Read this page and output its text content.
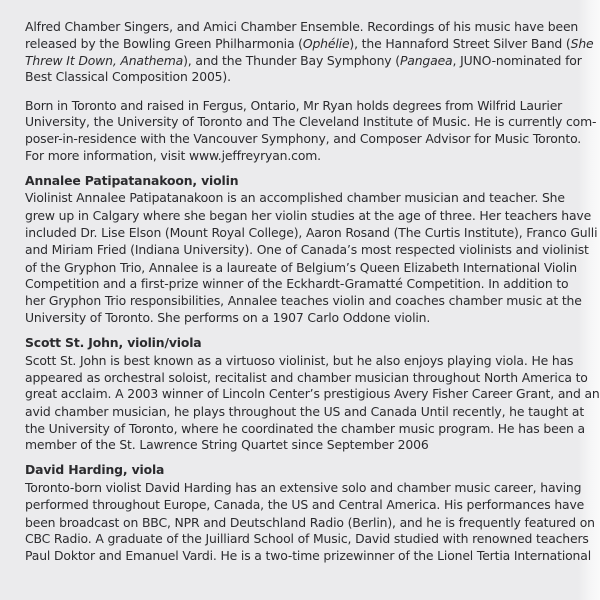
Alfred Chamber Singers, and Amici Chamber Ensemble. Recordings of his music have been
released by the Bowling Green Philharmonia (Ophélie), the Hannaford Street Silver Band (She
Threw It Down, Anathema), and the Thunder Bay Symphony (Pangaea, JUNO-nominated for
Best Classical Composition 2005).
Born in Toronto and raised in Fergus, Ontario, Mr Ryan holds degrees from Wilfrid Laurier
University, the University of Toronto and The Cleveland Institute of Music. He is currently com-
poser-in-residence with the Vancouver Symphony, and Composer Advisor for Music Toronto.
For more information, visit www.jeffreyryan.com.
Annalee Patipatanakoon, violin
Violinist Annalee Patipatanakoon is an accomplished chamber musician and teacher. She
grew up in Calgary where she began her violin studies at the age of three. Her teachers have
included Dr. Lise Elson (Mount Royal College), Aaron Rosand (The Curtis Institute), Franco Gulli
and Miriam Fried (Indiana University). One of Canada’s most respected violinists and violinist
of the Gryphon Trio, Annalee is a laureate of Belgium’s Queen Elizabeth International Violin
Competition and a first-prize winner of the Eckhardt-Gramatté Competition. In addition to
her Gryphon Trio responsibilities, Annalee teaches violin and coaches chamber music at the
University of Toronto. She performs on a 1907 Carlo Oddone violin.
Scott St. John, violin/viola
Scott St. John is best known as a virtuoso violinist, but he also enjoys playing viola. He has
appeared as orchestral soloist, recitalist and chamber musician throughout North America to
great acclaim. A 2003 winner of Lincoln Center’s prestigious Avery Fisher Career Grant, and an
avid chamber musician, he plays throughout the US and Canada Until recently, he taught at
the University of Toronto, where he coordinated the chamber music program. He has been a
member of the St. Lawrence String Quartet since September 2006
David Harding, viola
Toronto-born violist David Harding has an extensive solo and chamber music career, having
performed throughout Europe, Canada, the US and Central America. His performances have
been broadcast on BBC, NPR and Deutschland Radio (Berlin), and he is frequently featured on
CBC Radio. A graduate of the Juilliard School of Music, David studied with renowned teachers
Paul Doktor and Emanuel Vardi. He is a two-time prizewinner of the Lionel Tertia International
